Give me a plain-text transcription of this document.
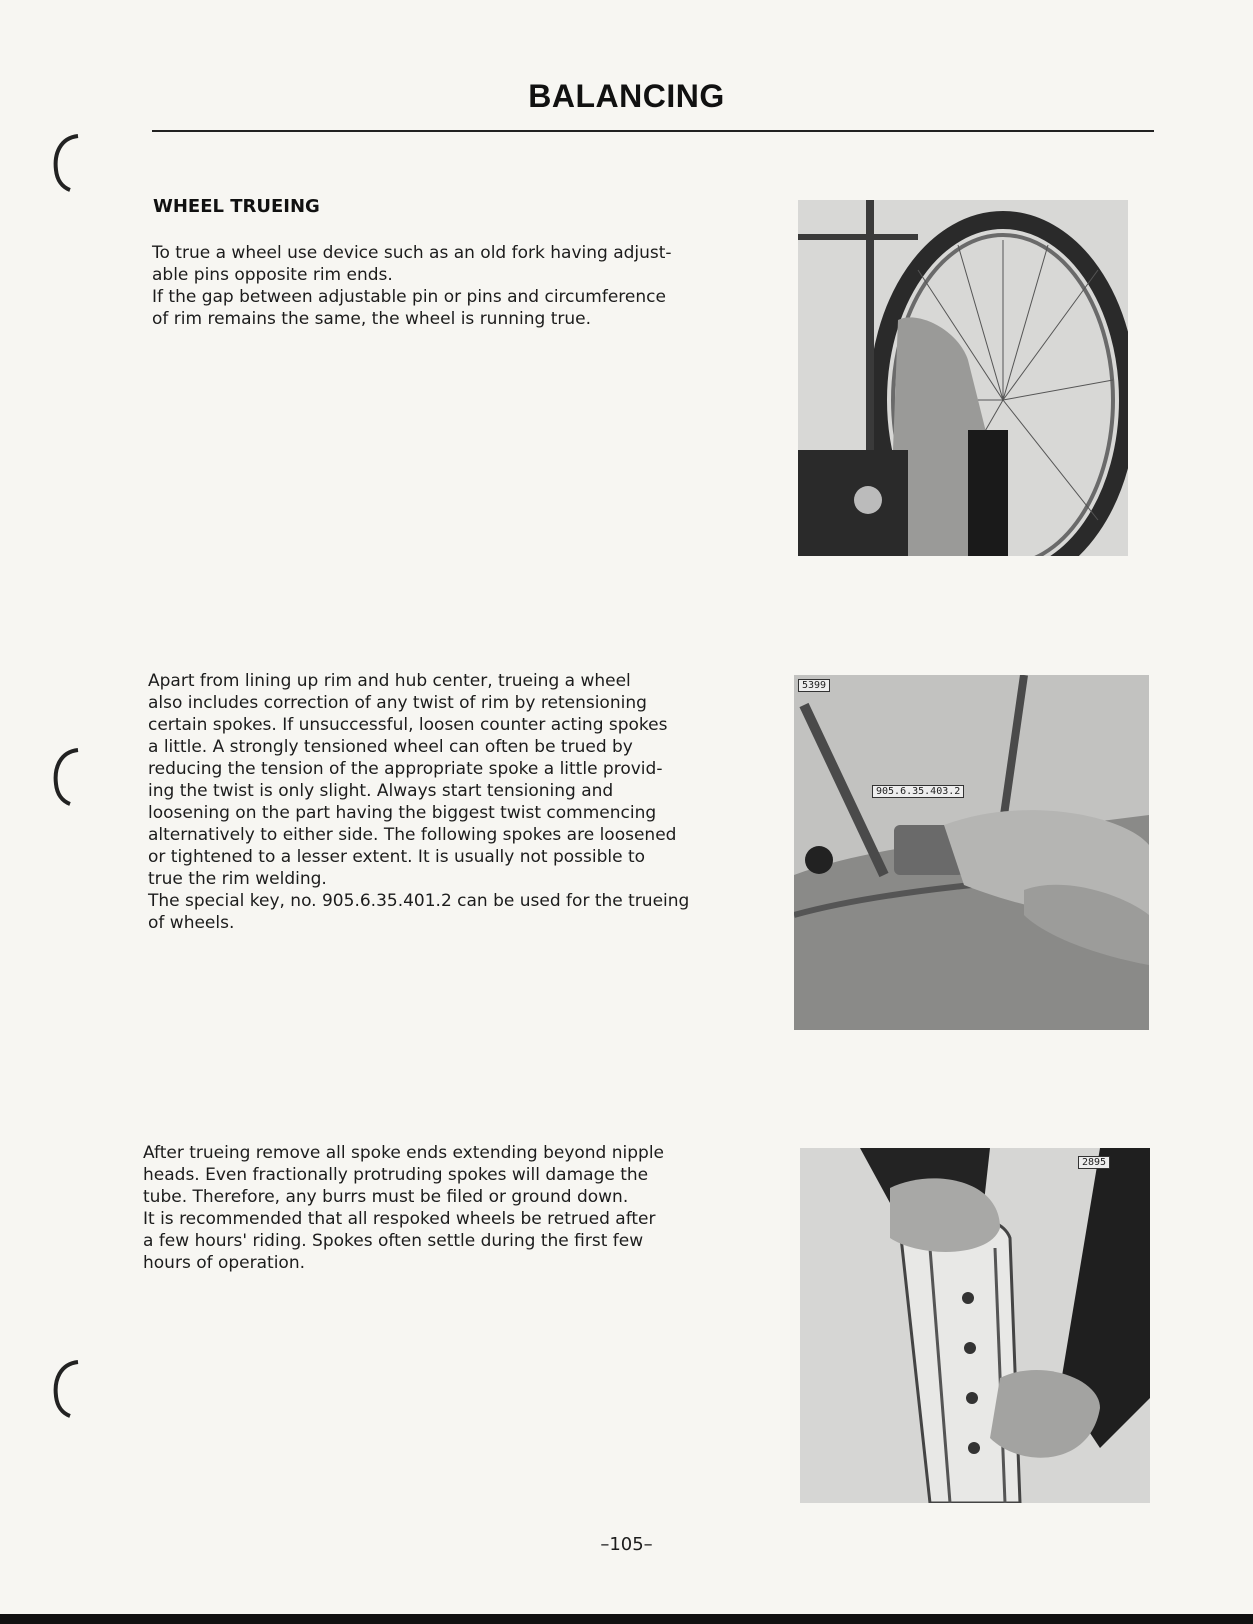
BALANCING
WHEEL TRUEING

To true a wheel use device such as an old fork having adjust-

able pins opposite rim ends.

If the gap between adjustable pin or pins and circumference

of rim remains the same, the wheel is running true.

Apart from lining up rim and hub center, trueing a wheel

also includes correction of any twist of rim by retensioning

certain spokes. If unsuccessful, loosen counter acting spokes

a little. A strongly tensioned wheel can often be trued by

reducing the tension of the appropriate spoke a little provid-

ing the twist is only slight. Always start tensioning and

loosening on the part having the biggest twist commencing

alternatively to either side. The following spokes are loosened

or tightened to a lesser extent. It is usually not possible to

true the rim welding.

The special key, no. 905.6.35.401.2 can be used for the trueing

of wheels.

After trueing remove all spoke ends extending beyond nipple

heads. Even fractionally protruding spokes will damage the

tube. Therefore, any burrs must be filed or ground down.

It is recommended that all respoked wheels be retrued after

a few hours' riding. Spokes often settle during the first few

hours of operation.

5399
905.6.35.403.2
2895
–105–
